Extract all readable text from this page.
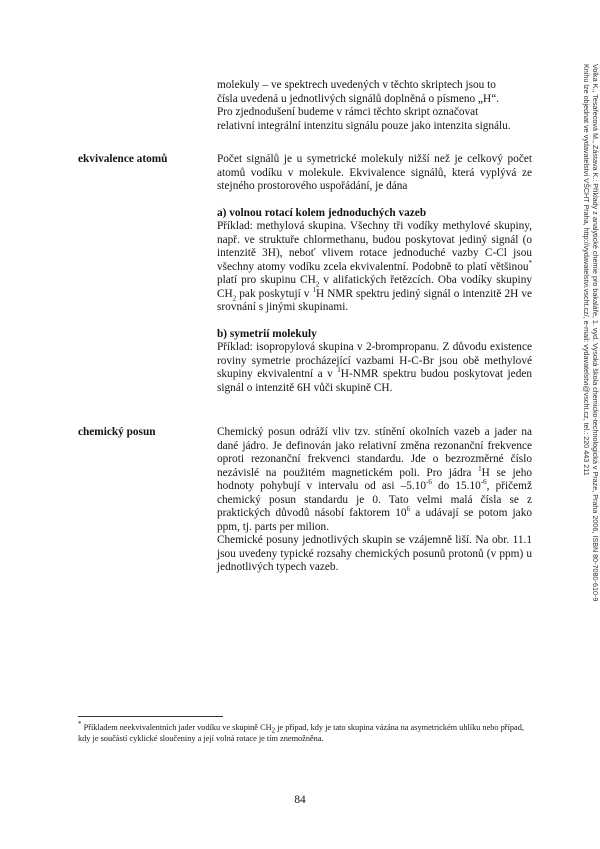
Volka K., Tesařecová M., Zástava K.: Příklady z analytické chemie pro bakaláře, 1. vyd. Vysoká škola chemicko-technologická v Praze, Praha 2006, ISBN 80-7080-610-9
Knihu lze objednat ve vydavatelství VŠCHT Praha, http://vydavatelstvi.vscht.cz/, e-mail: vydavatelstvi@vscht.cz, tel.: 220 443 211

molekuly – ve spektrech uvedených v těchto skriptech jsou to

čísla uvedená u jednotlivých signálů doplněná o písmeno „H“.

Pro zjednodušení budeme v rámci těchto skript označovat

relativní integrální intenzitu signálu pouze jako intenzita signálu.

ekvivalence atomů	Počet signálů je u symetrické molekuly nižší než je celkový počet atomů vodíku v molekule. Ekvivalence signálů, která vyplývá ze stejného prostorového uspořádání, je dána

a) volnou rotací kolem jednoduchých vazeb

Příklad: methylová skupina. Všechny tři vodíky methylové skupiny, např. ve struktuře chlormethanu, budou poskytovat jediný signál (o intenzitě 3H), neboť vlivem rotace jednoduché vazby C-Cl jsou všechny atomy vodíku zcela ekvivalentní. Podobně to platí většinou* platí pro skupinu $CH_2$ v alifatických řetězcích. Oba vodíky skupiny $CH_2$ pak poskytují v $^1$H NMR spektru jediný signál o intenzitě 2H ve srovnání s jinými skupinami.

b) symetrií molekuly

Příklad: isopropylová skupina v 2-brompropanu. Z důvodu existence roviny symetrie procházející vazbami H-C-Br jsou obě methylové skupiny ekvivalentní a v $^1$H-NMR spektru budou poskytovat jeden signál o intenzitě 6H vůči skupině CH.

chemický posun	Chemický posun odráží vliv tzv. stínění okolních vazeb a jader na dané jádro. Je definován jako relativní změna rezonanční frekvence oproti rezonanční frekvenci standardu. Jde o bezrozměrné číslo nezávislé na použitém magnetickém poli. Pro jádra $^1$H se jeho hodnoty pohybují v intervalu od asi $-5.10^{-6}$ do $15.10^{-6}$, přičemž chemický posun standardu je 0. Tato velmi malá čísla se z praktických důvodů násobí faktorem $10^6$ a udávají se potom jako ppm, tj. parts per milion.

Chemické posuny jednotlivých skupin se vzájemně liší. Na obr. 11.1 jsou uvedeny typické rozsahy chemických posunů protonů (v ppm) u jednotlivých typech vazeb.

* Příkladem neekvivalentních jader vodíku ve skupině $CH_2$ je případ, kdy je tato skupina vázána na asymetrickém uhlíku nebo případ, kdy je součástí cyklické sloučeniny a její volná rotace je tím znemožněna.
84
